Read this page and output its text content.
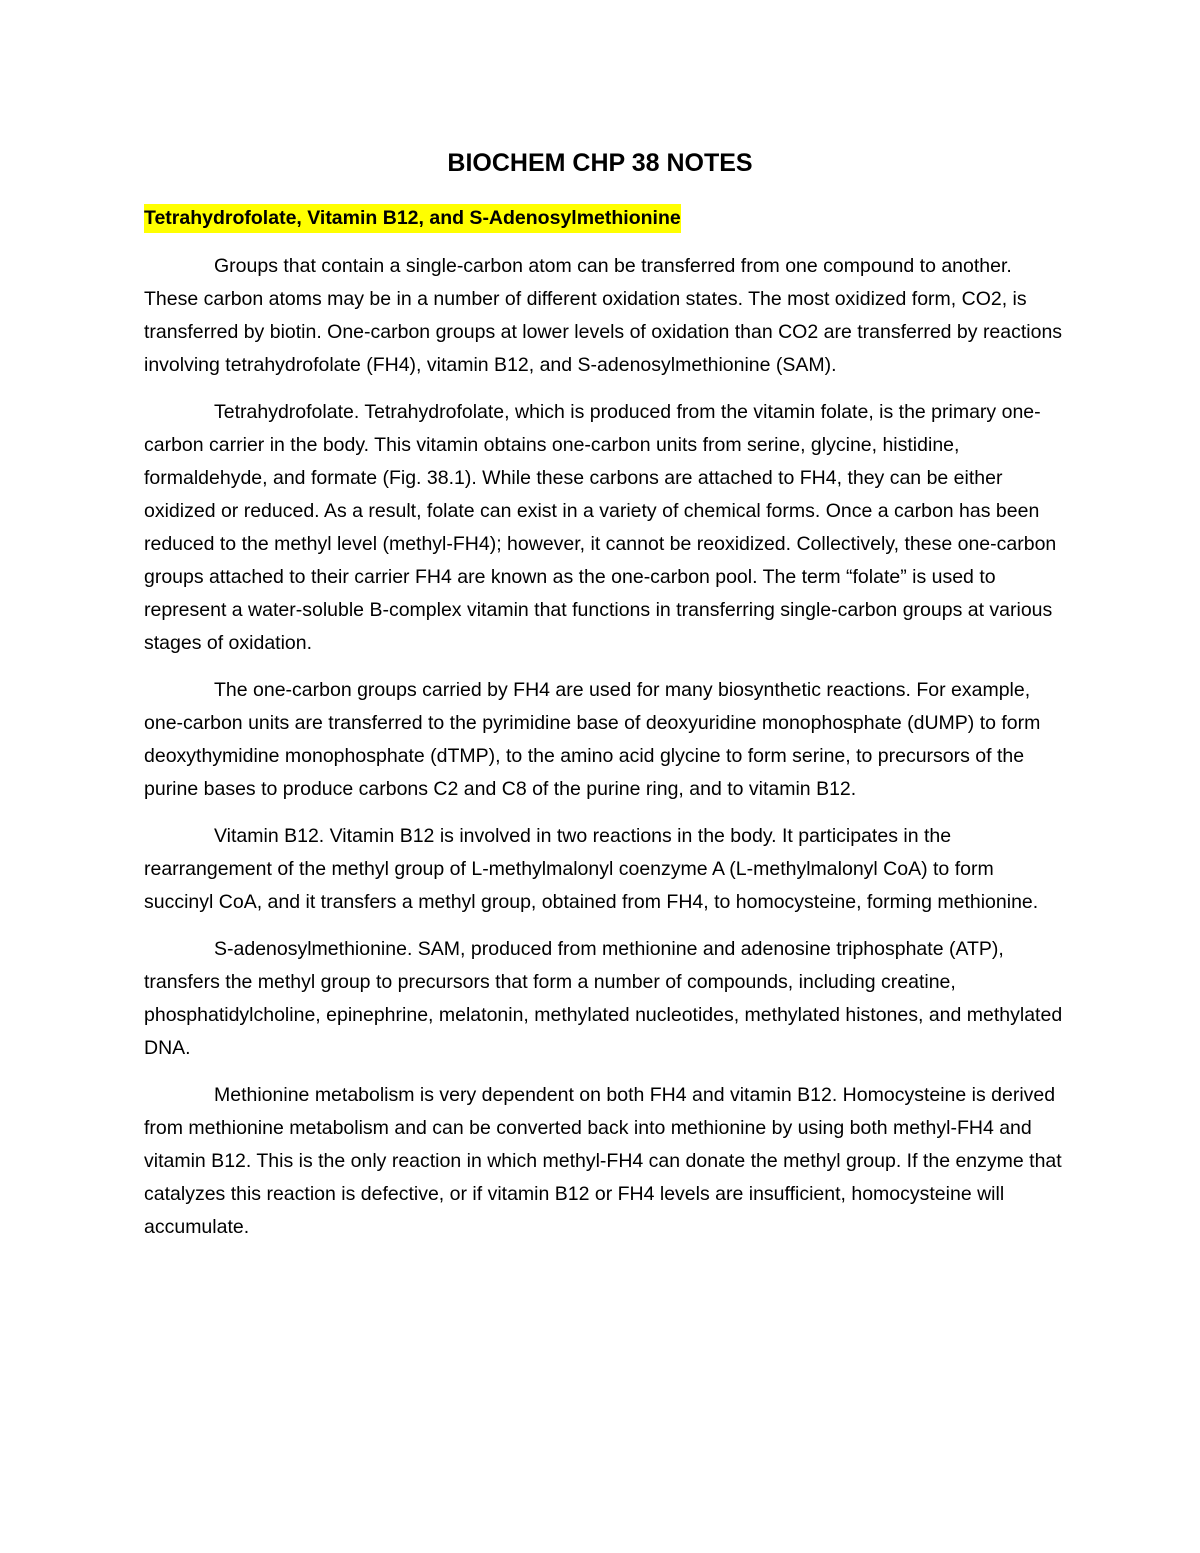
BIOCHEM CHP 38 NOTES
Tetrahydrofolate, Vitamin B12, and S-Adenosylmethionine

Groups that contain a single-carbon atom can be transferred from one compound to another. These carbon atoms may be in a number of different oxidation states. The most oxidized form, CO2, is transferred by biotin. One-carbon groups at lower levels of oxidation than CO2 are transferred by reactions involving tetrahydrofolate (FH4), vitamin B12, and S-adenosylmethionine (SAM).

Tetrahydrofolate. Tetrahydrofolate, which is produced from the vitamin folate, is the primary one-carbon carrier in the body. This vitamin obtains one-carbon units from serine, glycine, histidine, formaldehyde, and formate (Fig. 38.1). While these carbons are attached to FH4, they can be either oxidized or reduced. As a result, folate can exist in a variety of chemical forms. Once a carbon has been reduced to the methyl level (methyl-FH4); however, it cannot be reoxidized. Collectively, these one-carbon groups attached to their carrier FH4 are known as the one-carbon pool. The term “folate” is used to represent a water-soluble B-complex vitamin that functions in transferring single-carbon groups at various stages of oxidation.

The one-carbon groups carried by FH4 are used for many biosynthetic reactions. For example, one-carbon units are transferred to the pyrimidine base of deoxyuridine monophosphate (dUMP) to form deoxythymidine monophosphate (dTMP), to the amino acid glycine to form serine, to precursors of the purine bases to produce carbons C2 and C8 of the purine ring, and to vitamin B12.

Vitamin B12. Vitamin B12 is involved in two reactions in the body. It participates in the rearrangement of the methyl group of L-methylmalonyl coenzyme A (L-methylmalonyl CoA) to form succinyl CoA, and it transfers a methyl group, obtained from FH4, to homocysteine, forming methionine.

S-adenosylmethionine. SAM, produced from methionine and adenosine triphosphate (ATP), transfers the methyl group to precursors that form a number of compounds, including creatine, phosphatidylcholine, epinephrine, melatonin, methylated nucleotides, methylated histones, and methylated DNA.

Methionine metabolism is very dependent on both FH4 and vitamin B12. Homocysteine is derived from methionine metabolism and can be converted back into methionine by using both methyl-FH4 and vitamin B12. This is the only reaction in which methyl-FH4 can donate the methyl group. If the enzyme that catalyzes this reaction is defective, or if vitamin B12 or FH4 levels are insufficient, homocysteine will accumulate.
